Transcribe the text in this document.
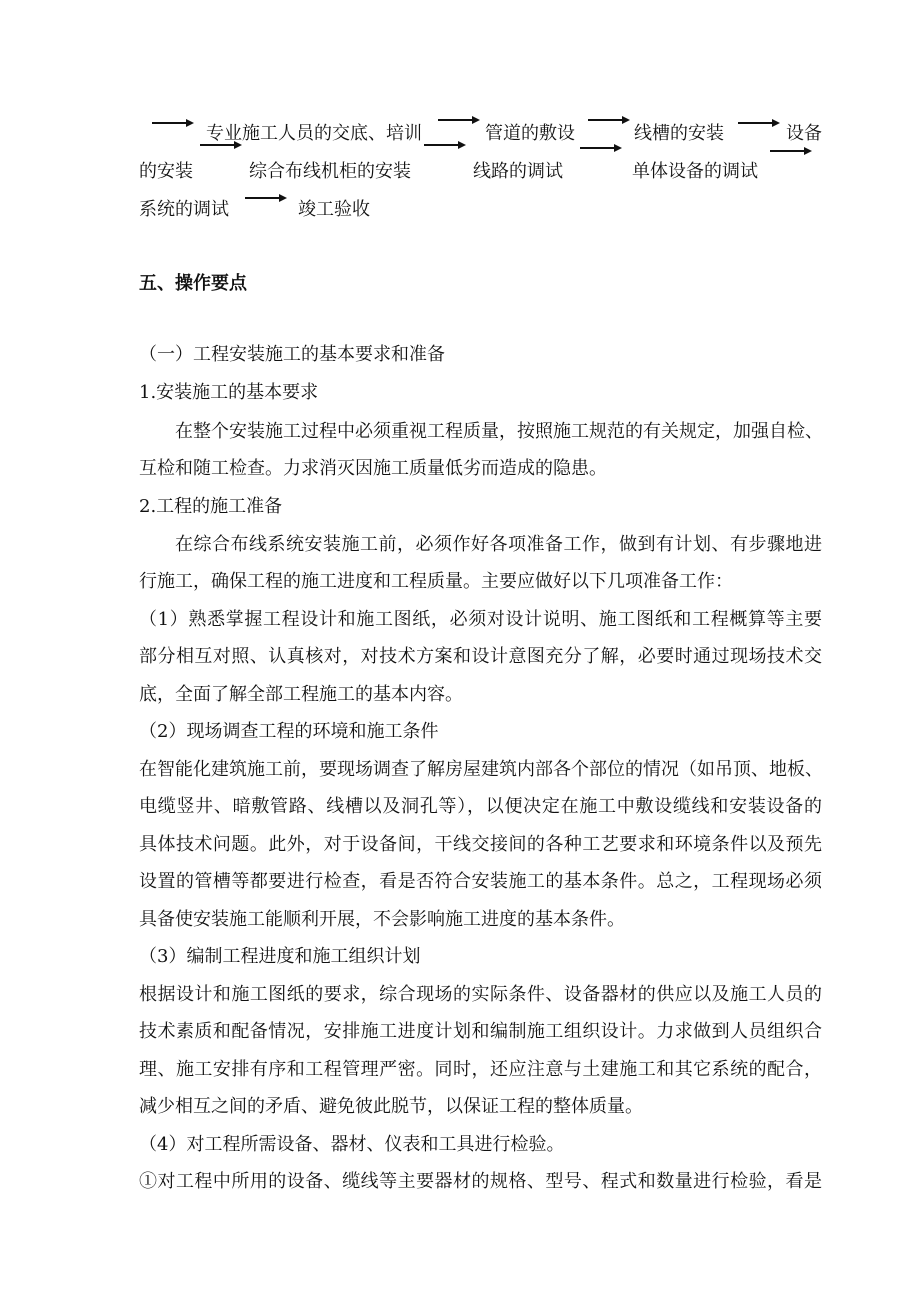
专业施工人员的交底、培训	管道的敷设	线槽的安装	设备
的安装	综合布线机柜的安装	线路的调试	单体设备的调试
系统的调试	竣工验收
五、操作要点
（一）工程安装施工的基本要求和准备
1.安装施工的基本要求
在整个安装施工过程中必须重视工程质量，按照施工规范的有关规定，加强自检、
互检和随工检查。力求消灭因施工质量低劣而造成的隐患。
2.工程的施工准备
在综合布线系统安装施工前，必须作好各项准备工作，做到有计划、有步骤地进
行施工，确保工程的施工进度和工程质量。主要应做好以下几项准备工作：
（1）熟悉掌握工程设计和施工图纸，必须对设计说明、施工图纸和工程概算等主要
部分相互对照、认真核对，对技术方案和设计意图充分了解，必要时通过现场技术交
底，全面了解全部工程施工的基本内容。
（2）现场调查工程的环境和施工条件
在智能化建筑施工前，要现场调查了解房屋建筑内部各个部位的情况（如吊顶、地板、
电缆竖井、暗敷管路、线槽以及洞孔等），以便决定在施工中敷设缆线和安装设备的
具体技术问题。此外，对于设备间，干线交接间的各种工艺要求和环境条件以及预先
设置的管槽等都要进行检查，看是否符合安装施工的基本条件。总之，工程现场必须
具备使安装施工能顺利开展，不会影响施工进度的基本条件。
（3）编制工程进度和施工组织计划
根据设计和施工图纸的要求，综合现场的实际条件、设备器材的供应以及施工人员的
技术素质和配备情况，安排施工进度计划和编制施工组织设计。力求做到人员组织合
理、施工安排有序和工程管理严密。同时，还应注意与土建施工和其它系统的配合，
减少相互之间的矛盾、避免彼此脱节，以保证工程的整体质量。
（4）对工程所需设备、器材、仪表和工具进行检验。
①对工程中所用的设备、缆线等主要器材的规格、型号、程式和数量进行检验，看是
